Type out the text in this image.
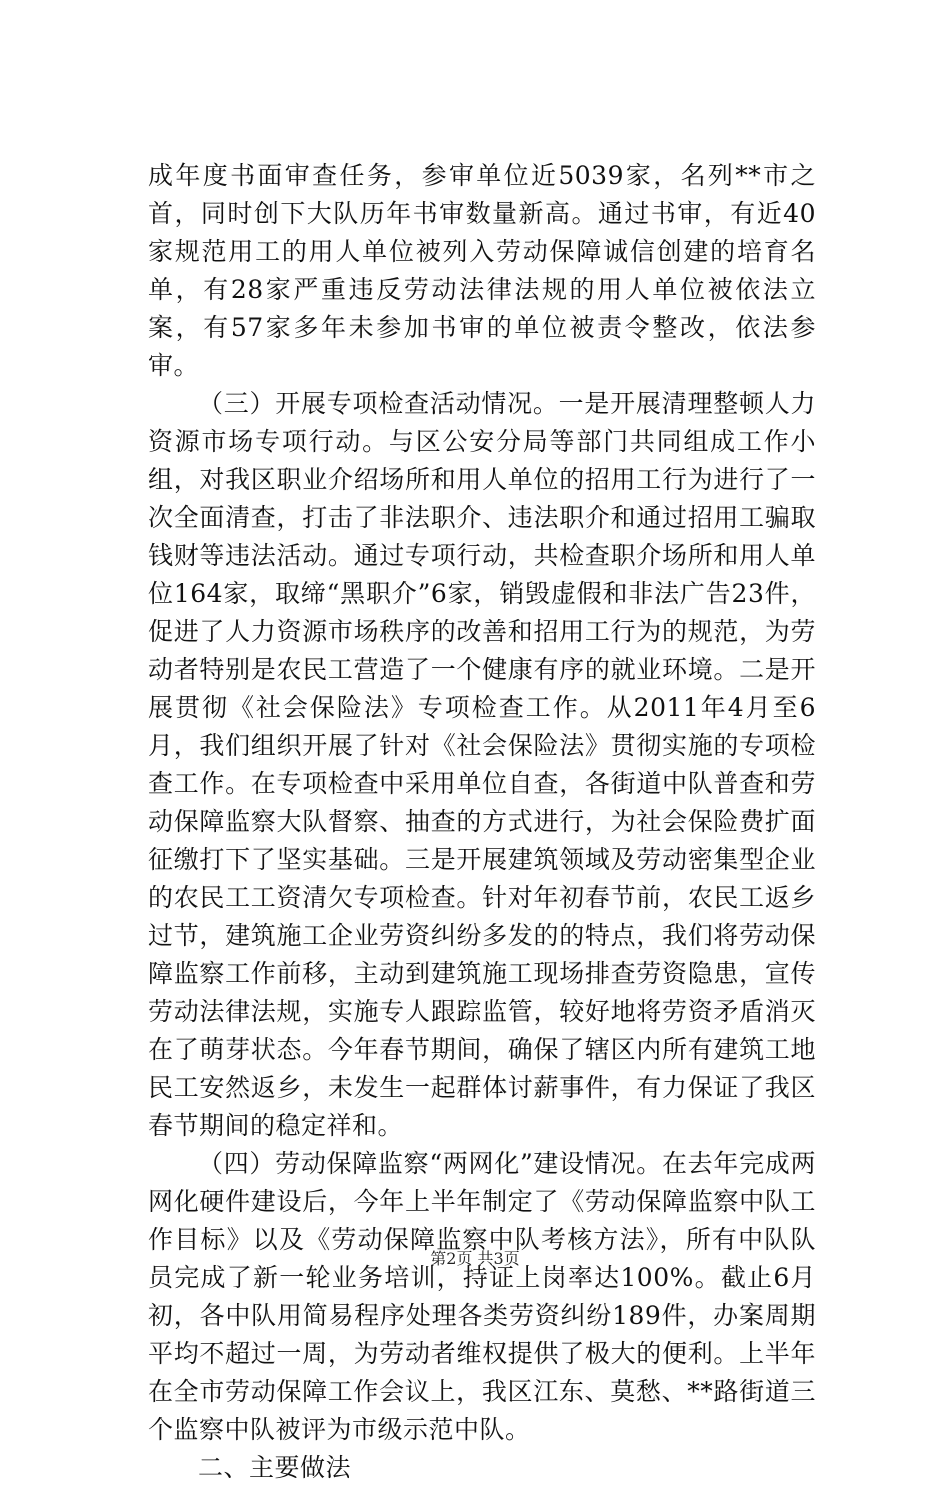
成年度书面审查任务，参审单位近5039家，名列**市之首，同时创下大队历年书审数量新高。通过书审，有近40家规范用工的用人单位被列入劳动保障诚信创建的培育名单，有28家严重违反劳动法律法规的用人单位被依法立案，有57家多年未参加书审的单位被责令整改，依法参审。

（三）开展专项检查活动情况。一是开展清理整顿人力资源市场专项行动。与区公安分局等部门共同组成工作小组，对我区职业介绍场所和用人单位的招用工行为进行了一次全面清查，打击了非法职介、违法职介和通过招用工骗取钱财等违法活动。通过专项行动，共检查职介场所和用人单位164家，取缔“黑职介”6家，销毁虚假和非法广告23件，促进了人力资源市场秩序的改善和招用工行为的规范，为劳动者特别是农民工营造了一个健康有序的就业环境。二是开展贯彻《社会保险法》专项检查工作。从2011年4月至6月，我们组织开展了针对《社会保险法》贯彻实施的专项检查工作。在专项检查中采用单位自查，各街道中队普查和劳动保障监察大队督察、抽查的方式进行，为社会保险费扩面征缴打下了坚实基础。三是开展建筑领域及劳动密集型企业的农民工工资清欠专项检查。针对年初春节前，农民工返乡过节，建筑施工企业劳资纠纷多发的的特点，我们将劳动保障监察工作前移，主动到建筑施工现场排查劳资隐患，宣传劳动法律法规，实施专人跟踪监管，较好地将劳资矛盾消灭在了萌芽状态。今年春节期间，确保了辖区内所有建筑工地民工安然返乡，未发生一起群体讨薪事件，有力保证了我区春节期间的稳定祥和。

（四）劳动保障监察“两网化”建设情况。在去年完成两网化硬件建设后，今年上半年制定了《劳动保障监察中队工作目标》以及《劳动保障监察中队考核方法》，所有中队队员完成了新一轮业务培训，持证上岗率达100%。截止6月初，各中队用简易程序处理各类劳资纠纷189件，办案周期平均不超过一周，为劳动者维权提供了极大的便利。上半年在全市劳动保障工作会议上，我区江东、莫愁、**路街道三个监察中队被评为市级示范中队。

二、主要做法

第2页 共3页
